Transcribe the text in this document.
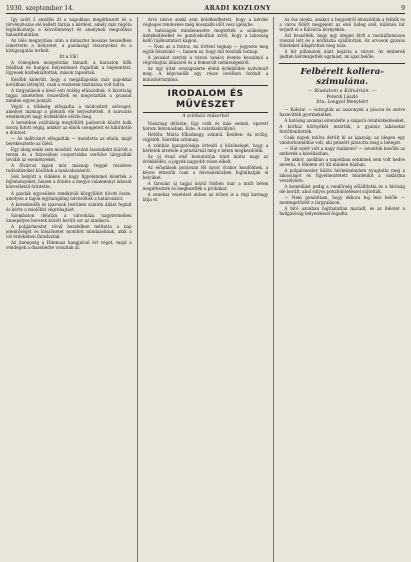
1930. szeptember 14.	ARADI KOZLONY	9

Igy szólt ő amidőn itt a napokban megérkezett és a törvényhozás elé kellett tárnia a kérdést, amely már régóta foglalkoztatja a közvéleményt és amelynek megoldása halaszthatatlan.

Az ülés megnyitása után a miniszter hosszas beszédben ismertette a helyzetet, a gazdasági viszonyokat és a közigazgatás terheit.

Itt a Vili!

A tömegben mozgolódás támadt, a karzaton ülők felálltak és hangos helyesléssel fogadták a bejelentést. Egyesek közbekiáltottak, mások tapsoltak.

Később kiderült, hogy a megállapodás már napokkal korábban létrejött, csak a részletek tisztázása volt hátra.

A tárgyalások a késő esti órákig elhúzódtak. A bizottság tagjai ismételten összeültek és megvitatták a javaslat minden egyes pontját.

Végül a többség elfogadta a módosított szöveget, amelyet másnap a plénum elé terjesztettek. A szavazás eredményét nagy érdeklődés előzte meg.

A teremben zsúfolásig megtöltött padsorok között halk moraj futott végig, amikor az elnök csengetett és kihirdette a döntést.

— Az indítványt elfogadták — mondotta az elnök, majd berekesztette az ülést.

Egy ideig senki sem mozdult. Azután lassanként kiürült a terem és a folyosókon csoportokba verődve tárgyalták tovább az eseményeket.

A fővárosi lapok már másnap reggel részletes tudósításokat közöltek a tanácskozásról.

Sok helyütt a vidéken is nagy figyelemmel kísérték a fejleményeket, hiszen a döntés a megye valamennyi lakosát közvetlenül érintette.

A gazdák egyesülete rendkívüli közgyűlést hívott össze, amelyen a tagok egyhangúlag üdvözölték a határozatot.

A kereskedők és iparosok testülete szintén állást foglalt és kérte a mielőbbi végrehajtást.

Szombaton délután a városháza nagytermében ünnepélyes keretek között került sor az átadásra.

A polgármester rövid beszédben méltatta a nap jelentőségét és köszönetet mondott mindazoknak, akik a cél érdekében fáradoztak.

Az ünnepség a Himnusz hangjaival ért véget, majd a vendégek a díszebédre vonultak át.

Arra nézve senki sem kételkedhetett, hogy a kérdés végleges rendezése még hosszabb időt vesz igénybe.

A hatóságok mindenesetre megtették a szükséges intézkedéseket és gondoskodtak arról, hogy a lakosság kellő tájékoztatást kapjon.

— Nem az a fontos, mi történt tegnap — jegyezte meg egyik felszólaló —, hanem az, hogy mit teszünk holnap.

A javaslat szerint a városi tanács évente beszámol a végrehajtás állásáról és a felmerült nehézségekről.

Az ügy iránt országszerte élénk érdeklődés nyilvánult meg. A képviselők egy része levélben fordult a minisztériumhoz.

IRODALOM ÉS MŰVÉSZET
A színházi műsorból

Vasárnap délután: Egy csók és más semmi, operett három felvonásban. Este: A csárdáskirálynő.

Hétfőn: Mária főhadnagy, színmű. Kedden: Az ördög, vígjáték. Szerdán szünnap.

A színház igazgatósága értesíti a közönséget, hogy a bérletek átvétele a pénztárnál még e héten megkezdődik.

Az új évad első bemutatója iránt máris nagy az érdeklődés, a jegyek nagyobb része elkelt.

Az előadások pontosan fél nyolc órakor kezdődnek, a késve érkezők csak a felvonásközben foglalhatják el helyüket.

A társulat új tagjai közül többen már a múlt héten megérkeztek és megkezdték a próbákat.

A zenekar vezetését ebben az évben is a régi karnagy látja el.

Az ősz elején, amikor a hegyekről lehúzódtak a felhők és a város fölött megjelent az első hideg szél, különös hír terjedt el a Kálvária környékén.

Azt beszélték, hogy egy idegen férfi a vasútállomáson rosszul lett és a kórházba szállították. Az orvosok gyanús tüneteket állapítottak meg nála.

A hír pillanatok alatt bejárta a várost. Az emberek ijedten kérdezgették egymást, mi igaz belőle.

Felbérelt kollera-szimulána.
— Riadalom a Kálvárián. —
Peterdi László
Irta: Lengyel Menyhért

— Kolera! — suttogták az asszonyok a piacon és sietve hazavitték gyermekeiket.

A hatóság azonnal elrendelte a szigorú óvintézkedéseket. A kórház környékét lezárták, a gyanús lakásokat fertőtlenítették.

Csak napok múlva derült ki az igazság: az idegen egy vándorkomédiás volt, aki pénzért játszotta meg a beteget.

— Hát ezért volt a nagy riadalom? — nevettek később az emberek a kávéházban.

De akkor, azokban a napokban senkinek sem volt kedve nevetni. A félelem ott ült minden házban.

A polgármester külön hirdetményben nyugtatta meg a lakosságot és figyelmeztetett mindenkit a vaklárma veszélyeire.

A komédiást pedig a rendőrség előállította és a bíróság elé került, ahol súlyos pénzbüntetéssel sújtották.

— Nem gondoltam, hogy ekkora baj lesz belőle — mentegetőzött a tárgyaláson.

A bíró azonban hajthatatlan maradt, és az ítéletet a hallgatóság helyesléssel fogadta.
